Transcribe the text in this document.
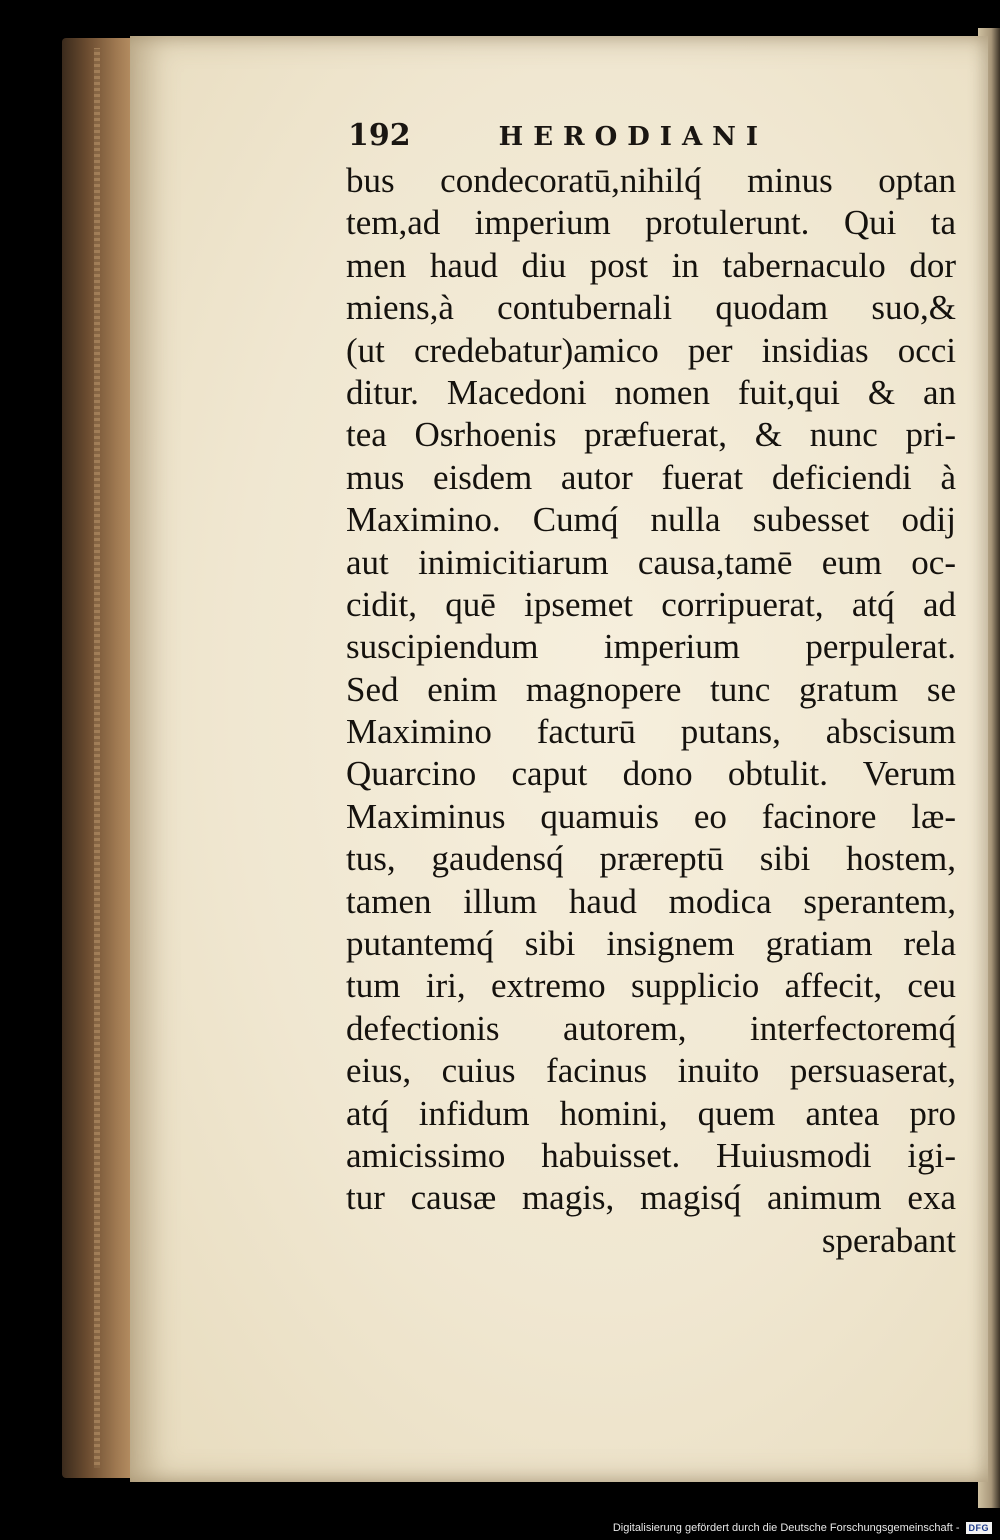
192	HERODIANI
bus condecoratū,nihilq́ minus optan
tem,ad imperium protulerunt. Qui ta
men haud diu post in tabernaculo dor
miens,à contubernali quodam suo,&
(ut credebatur)amico per insidias occi
ditur. Macedoni nomen fuit,qui & an
tea Osrhoenis præfuerat, & nunc pri-
mus eisdem autor fuerat deficiendi à
Maximino. Cumq́ nulla subesset odij
aut inimicitiarum causa,tamē eum oc-
cidit, quē ipsemet corripuerat, atq́ ad
suscipiendum imperium perpulerat.
Sed enim magnopere tunc gratum se
Maximino facturū putans, abscisum
Quarcino caput dono obtulit. Verum
Maximinus quamuis eo facinore læ-
tus, gaudensq́ præreptū sibi hostem,
tamen illum haud modica sperantem,
putantemq́ sibi insignem gratiam rela
tum iri, extremo supplicio affecit, ceu
defectionis autorem, interfectoremq́
eius, cuius facinus inuito persuaserat,
atq́ infidum homini, quem antea pro
amicissimo habuisset. Huiusmodi igi-
tur causæ magis, magisq́ animum exa
sperabant
Digitalisierung gefördert durch die Deutsche Forschungsgemeinschaft -	DFG
